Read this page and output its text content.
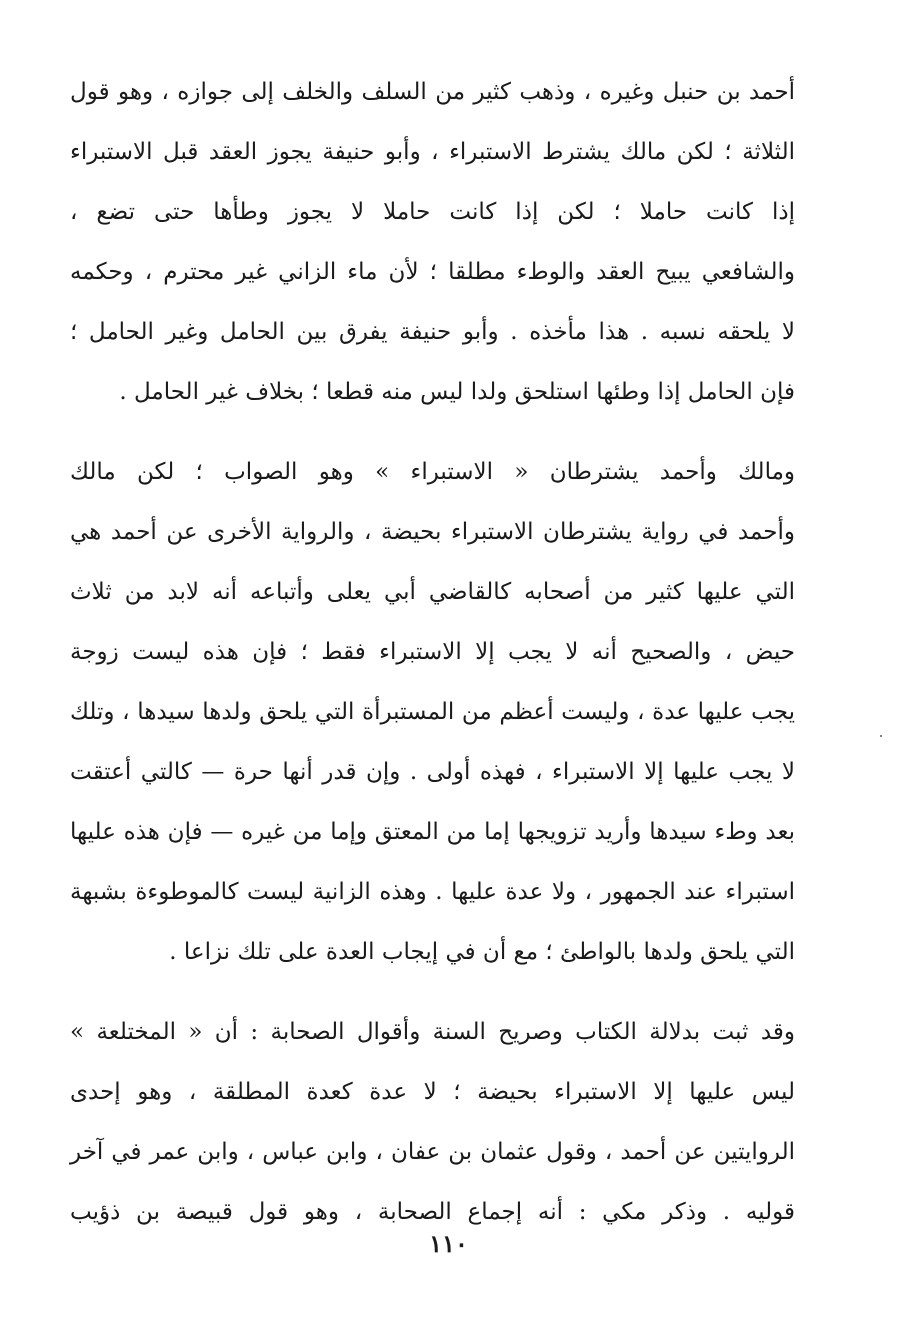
أحمد بن حنبل وغيره ، وذهب كثير من السلف والخلف إلى جوازه ، وهو قول
الثلاثة ؛ لكن مالك يشترط الاستبراء ، وأبو حنيفة يجوز العقد قبل الاستبراء
إذا كانت حاملا ؛ لكن إذا كانت حاملا لا يجوز وطأها حتى تضع ،
والشافعي يبيح العقد والوطء مطلقا ؛ لأن ماء الزاني غير محترم ، وحكمه
لا يلحقه نسبه . هذا مأخذه . وأبو حنيفة يفرق بين الحامل وغير الحامل ؛
فإن الحامل إذا وطئها استلحق ولدا ليس منه قطعا ؛ بخلاف غير الحامل .
ومالك وأحمد يشترطان « الاستبراء » وهو الصواب ؛ لكن مالك
وأحمد في رواية يشترطان الاستبراء بحيضة ، والرواية الأخرى عن أحمد هي
التي عليها كثير من أصحابه كالقاضي أبي يعلى وأتباعه أنه لابد من ثلاث
حيض ، والصحيح أنه لا يجب إلا الاستبراء فقط ؛ فإن هذه ليست زوجة
يجب عليها عدة ، وليست أعظم من المستبرأة التي يلحق ولدها سيدها ، وتلك
لا يجب عليها إلا الاستبراء ، فهذه أولى . وإن قدر أنها حرة — كالتي أعتقت
بعد وطء سيدها وأريد تزويجها إما من المعتق وإما من غيره — فإن هذه عليها
استبراء عند الجمهور ، ولا عدة عليها . وهذه الزانية ليست كالموطوءة بشبهة
التي يلحق ولدها بالواطئ ؛ مع أن في إيجاب العدة على تلك نزاعا .
وقد ثبت بدلالة الكتاب وصريح السنة وأقوال الصحابة : أن « المختلعة »
ليس عليها إلا الاستبراء بحيضة ؛ لا عدة كعدة المطلقة ، وهو إحدى
الروايتين عن أحمد ، وقول عثمان بن عفان ، وابن عباس ، وابن عمر في آخر
قوليه . وذكر مكي : أنه إجماع الصحابة ، وهو قول قبيصة بن ذؤيب
١١٠
